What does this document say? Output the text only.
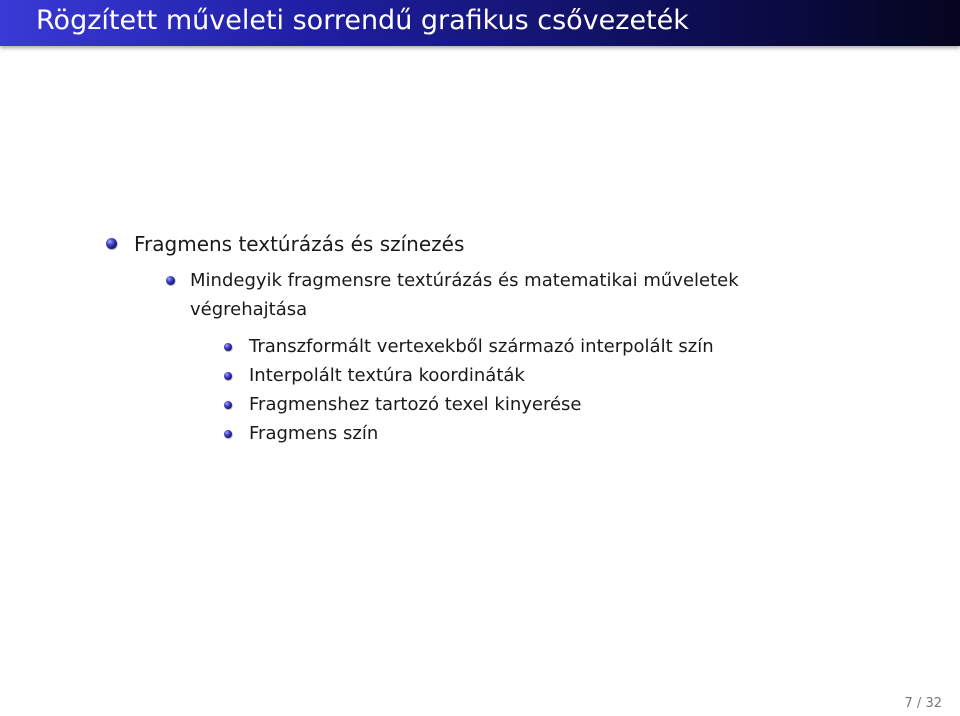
Rögzített műveleti sorrendű grafikus csővezeték
Fragmens textúrázás és színezés
Mindegyik fragmensre textúrázás és matematikai műveletek
végrehajtása
Transzformált vertexekből származó interpolált szín
Interpolált textúra koordináták
Fragmenshez tartozó texel kinyerése
Fragmens szín
7 / 32
